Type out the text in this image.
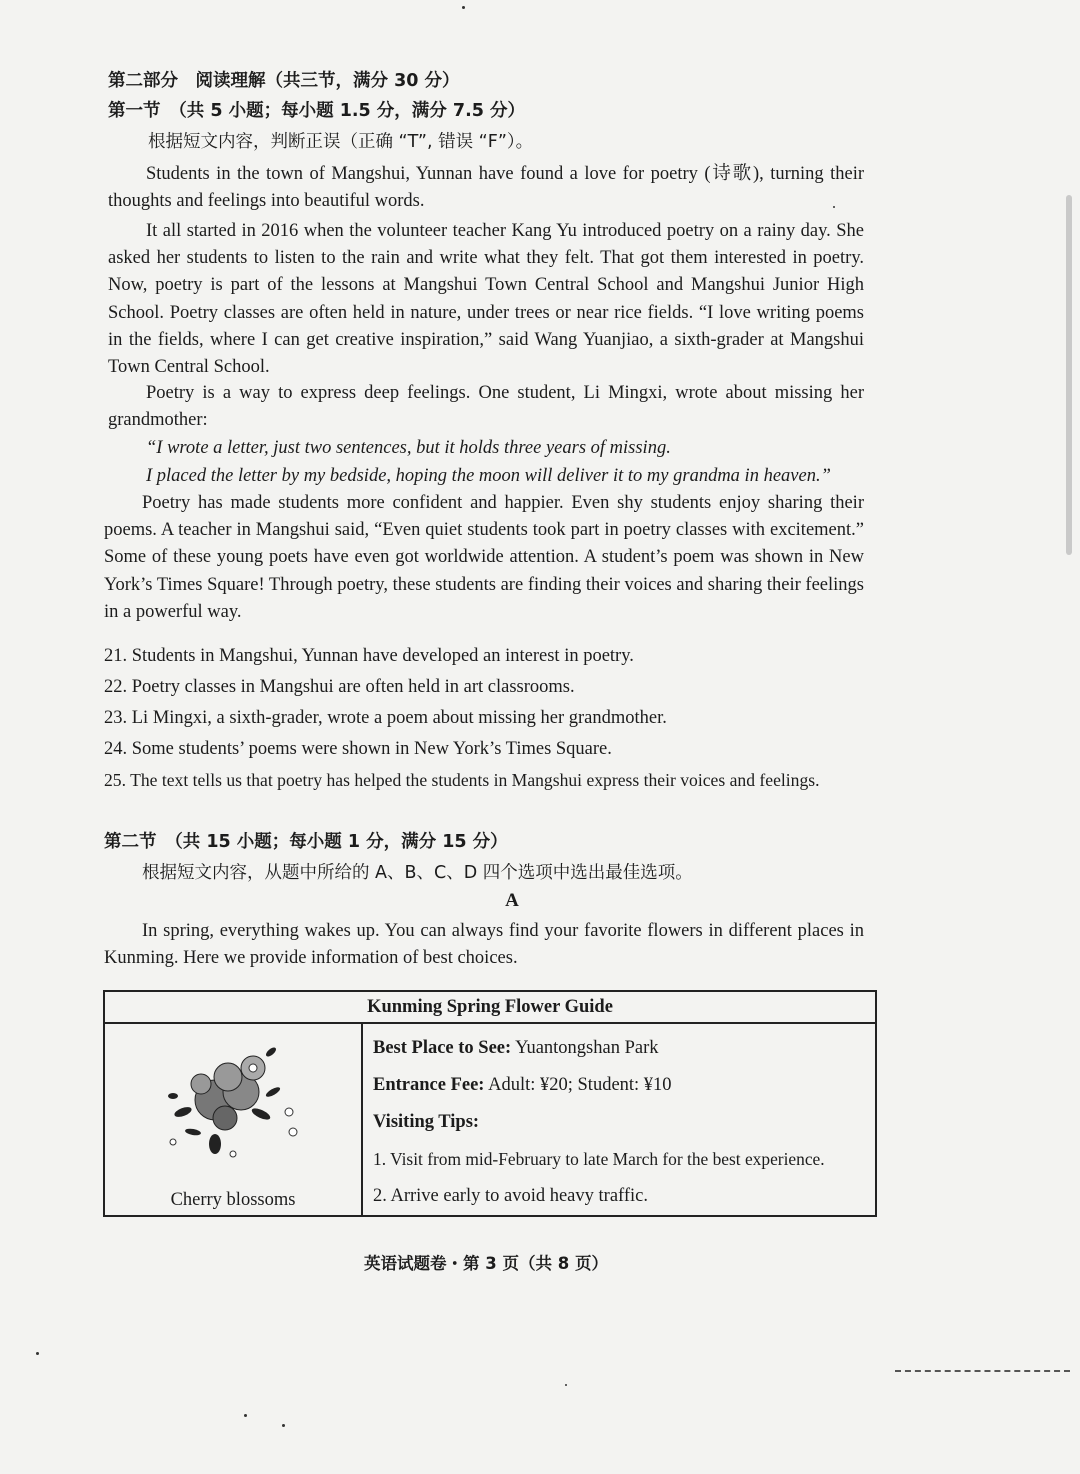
第二部分　阅读理解（共三节，满分 30 分）
第一节　（共 5 小题；每小题 1.5 分，满分 7.5 分）
根据短文内容，判断正误（正确 “T”, 错误 “F”）。

Students in the town of Mangshui, Yunnan have found a love for poetry (诗歌), turning their thoughts and feelings into beautiful words.

It all started in 2016 when the volunteer teacher Kang Yu introduced poetry on a rainy day. She asked her students to listen to the rain and write what they felt. That got them interested in poetry. Now, poetry is part of the lessons at Mangshui Town Central School and Mangshui Junior High School. Poetry classes are often held in nature, under trees or near rice fields. “I love writing poems in the fields, where I can get creative inspiration,” said Wang Yuanjiao, a sixth-grader at Mangshui Town Central School.

Poetry is a way to express deep feelings. One student, Li Mingxi, wrote about missing her grandmother:

“I wrote a letter, just two sentences, but it holds three years of missing.
I placed the letter by my bedside, hoping the moon will deliver it to my grandma in heaven.”

Poetry has made students more confident and happier. Even shy students enjoy sharing their poems. A teacher in Mangshui said, “Even quiet students took part in poetry classes with excitement.” Some of these young poets have even got worldwide attention. A student’s poem was shown in New York’s Times Square! Through poetry, these students are finding their voices and sharing their feelings in a powerful way.

21. Students in Mangshui, Yunnan have developed an interest in poetry.
22. Poetry classes in Mangshui are often held in art classrooms.
23. Li Mingxi, a sixth-grader, wrote a poem about missing her grandmother.
24. Some students’ poems were shown in New York’s Times Square.
25. The text tells us that poetry has helped the students in Mangshui express their voices and feelings.
第二节　（共 15 小题；每小题 1 分，满分 15 分）
根据短文内容，从题中所给的 A、B、C、D 四个选项中选出最佳选项。
A

In spring, everything wakes up. You can always find your favorite flowers in different places in Kunming. Here we provide information of best choices.

Kunming Spring Flower Guide

Cherry blossoms

Best Place to See: Yuantongshan Park
Entrance Fee: Adult: ¥20; Student: ¥10
Visiting Tips:
1. Visit from mid-February to late March for the best experience.
2. Arrive early to avoid heavy traffic.
英语试题卷・第 3 页（共 8 页）
